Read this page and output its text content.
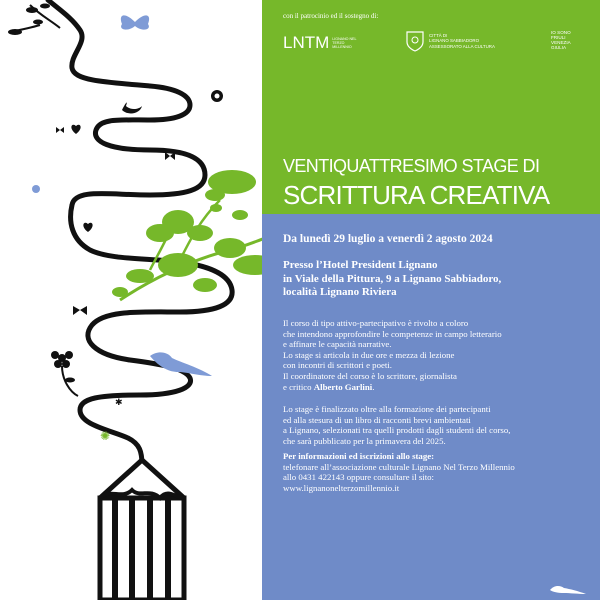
✱
✺
con il patrocinio ed il sostegno di:
LNTM LIGNANO NEL TERZO MILLENNIO
CITTÀ DI
LIGNANO SABBIADORO
ASSESSORATO ALLA CULTURA
IO SONO
FRIULI
VENEZIA
GIULIA
VENTIQUATTRESIMO STAGE DI
SCRITTURA CREATIVA
Da lunedì 29 luglio a venerdì 2 agosto 2024
Presso l’Hotel President Lignano
in Viale della Pittura, 9 a Lignano Sabbiadoro,
località Lignano Riviera
Il corso di tipo attivo-partecipativo è rivolto a coloro
che intendono approfondire le competenze in campo letterario
e affinare le capacità narrative.
Lo stage si articola in due ore e mezza di lezione
con incontri di scrittori e poeti.
Il coordinatore del corso è lo scrittore, giornalista
e critico Alberto Garlini.
Lo stage è finalizzato oltre alla formazione dei partecipanti
ed alla stesura di un libro di racconti brevi ambientati
a Lignano, selezionati tra quelli prodotti dagli studenti del corso,
che sarà pubblicato per la primavera del 2025.
Per informazioni ed iscrizioni allo stage:
telefonare all’associazione culturale Lignano Nel Terzo Millennio
allo 0431 422143 oppure consultare il sito:
www.lignanonelterzomillennio.it
